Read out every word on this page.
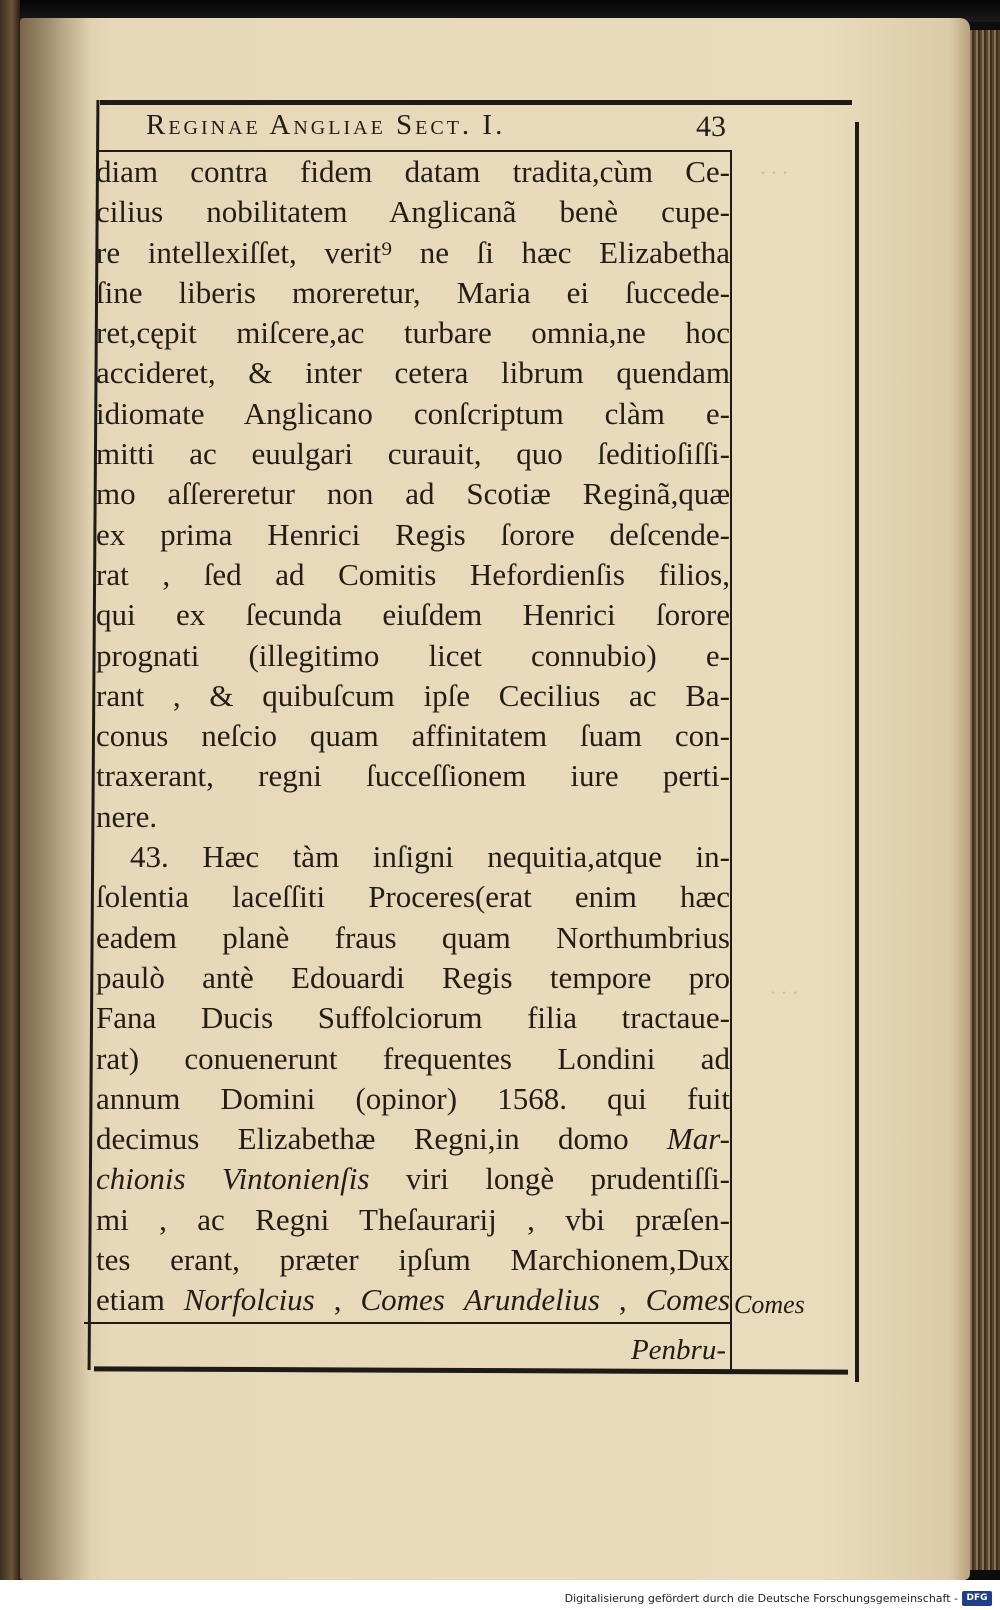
· · ·
· · ·
Reginae Angliae Sect. I.	43
diam contra fidem datam tradita,cùm Ce-
cilius nobilitatem Anglicanã benè cupe-
re intellexiſſet, verit⁹ ne ſi hæc Elizabetha
ſine liberis moreretur, Maria ei ſuccede-
ret,cępit miſcere,ac turbare omnia,ne hoc
accideret, & inter cetera librum quendam
idiomate Anglicano conſcriptum clàm e-
mitti ac euulgari curauit, quo ſeditioſiſſi-
mo aſſereretur non ad Scotiæ Reginã,quæ
ex prima Henrici Regis ſorore deſcende-
rat , ſed ad Comitis Hefordienſis filios,
qui ex ſecunda eiuſdem Henrici ſorore
prognati (illegitimo licet connubio) e-
rant , & quibuſcum ipſe Cecilius ac Ba-
conus neſcio quam affinitatem ſuam con-
traxerant, regni ſucceſſionem iure perti-
nere.
43. Hæc tàm inſigni nequitia,atque in-
ſolentia laceſſiti Proceres(erat enim hæc
eadem planè fraus quam Northumbrius
paulò antè Edouardi Regis tempore pro
Fana Ducis Suffolciorum filia tractaue-
rat) conuenerunt frequentes Londini ad
annum Domini (opinor) 1568. qui fuit
decimus Elizabethæ Regni,in domo Mar-
chionis Vintonienſis viri longè prudentiſſi-
mi , ac Regni Theſaurarij , vbi præſen-
tes erant, præter ipſum Marchionem,Dux
etiam Norfolcius , Comes Arundelius , Comes Comes
Penbru-
Digitalisierung gefördert durch die Deutsche Forschungsgemeinschaft - DFG
